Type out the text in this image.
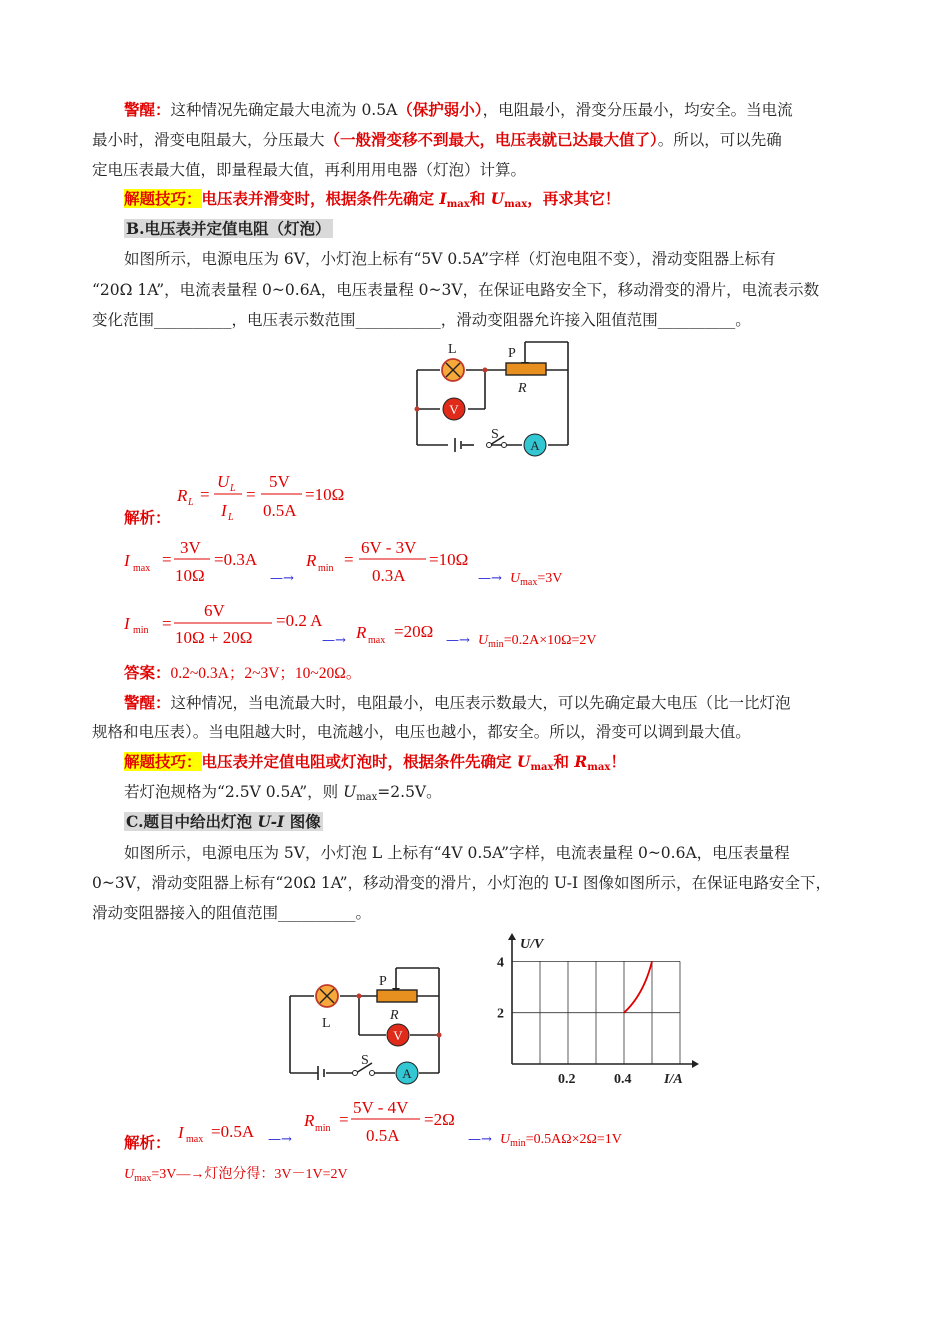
警醒：这种情况先确定最大电流为 0.5A（保护弱小），电阻最小，滑变分压最小，均安全。当电流
最小时，滑变电阻最大，分压最大（一般滑变移不到最大，电压表就已达最大值了）。所以，可以先确
定电压表最大值，即量程最大值，再利用用电器（灯泡）计算。
解题技巧：电压表并滑变时，根据条件先确定 $I_{max}$和 $U_{max}$，再求其它！
B.电压表并定值电阻（灯泡）
如图所示，电源电压为 6V，小灯泡上标有“5V 0.5A”字样（灯泡电阻不变），滑动变阻器上标有
“20Ω 1A”，电流表量程 0~0.6A，电压表量程 0~3V，在保证电路安全下，移动滑变的滑片，电流表示数
变化范围__________，电压表示数范围___________，滑动变阻器允许接入阻值范围__________。
L	P
R
V
S
A
解析：
R L =
U L
I L
=
5V
0.5A
=10Ω
I max =
3V
10Ω
=0.3A
—→
R min =
6V - 3V
0.3A
=10Ω
—→ $U_{max}=3V$
I min =
6V
10Ω + 20Ω
=0.2 A
—→ R max =20Ω —→ $U_{min}=0.2A\times 10\Omega=2V$
答案：0.2~0.3A；2~3V；10~20Ω。
警醒：这种情况，当电流最大时，电阻最小，电压表示数最大，可以先确定最大电压（比一比灯泡
规格和电压表）。当电阻越大时，电流越小，电压也越小，都安全。所以，滑变可以调到最大值。
解题技巧：电压表并定值电阻或灯泡时，根据条件先确定 $U_{max}$和 $R_{max}$！
若灯泡规格为“2.5V 0.5A”，则 $U_{max}=2.5V$。
C.题目中给出灯泡 U-I 图像
如图所示，电源电压为 5V，小灯泡 L 上标有“4V 0.5A”字样，电流表量程 0~0.6A，电压表量程
0~3V，滑动变阻器上标有“20Ω 1A”，移动滑变的滑片，小灯泡的 U-I 图像如图所示，在保证电路安全下，
滑动变阻器接入的阻值范围__________。
L
P
R
V
S
A	0.2	0.4
2
4
U/V
I/A
解析：
I max =0.5A —→
R min =
5V - 4V
0.5A
=2Ω
—→ $U_{min}=0.5A\Omega\times 2\Omega=1V$
$U_{max}=3V—\to$灯泡分得：3V－1V=2V
